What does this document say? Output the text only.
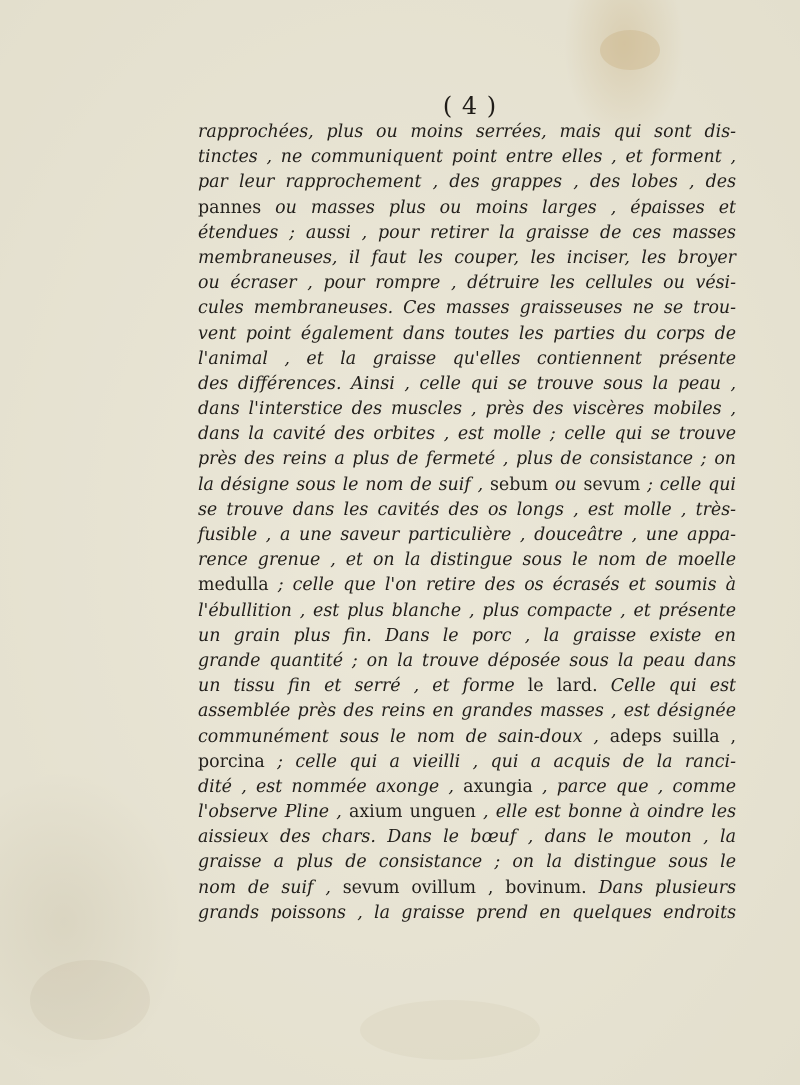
( 4 )
rapprochées, plus ou moins serrées, mais qui sont dis-
tinctes , ne communiquent point entre elles , et forment ,
par leur rapprochement , des grappes , des lobes , des
pannes ou masses plus ou moins larges , épaisses et
étendues ; aussi , pour retirer la graisse de ces masses
membraneuses, il faut les couper, les inciser, les broyer
ou écraser , pour rompre , détruire les cellules ou vési-
cules membraneuses. Ces masses graisseuses ne se trou-
vent point également dans toutes les parties du corps de
l'animal , et la graisse qu'elles contiennent présente
des différences. Ainsi , celle qui se trouve sous la peau ,
dans l'interstice des muscles , près des viscères mobiles ,
dans la cavité des orbites , est molle ; celle qui se trouve
près des reins a plus de fermeté , plus de consistance ; on
la désigne sous le nom de suif , sebum ou sevum ; celle qui
se trouve dans les cavités des os longs , est molle , très-
fusible , a une saveur particulière , douceâtre , une appa-
rence grenue , et on la distingue sous le nom de moelle
medulla ; celle que l'on retire des os écrasés et soumis à
l'ébullition , est plus blanche , plus compacte , et présente
un grain plus fin. Dans le porc , la graisse existe en
grande quantité ; on la trouve déposée sous la peau dans
un tissu fin et serré , et forme le lard. Celle qui est
assemblée près des reins en grandes masses , est désignée
communément sous le nom de sain-doux , adeps suilla ,
porcina ; celle qui a vieilli , qui a acquis de la ranci-
dité , est nommée axonge , axungia , parce que , comme
l'observe Pline , axium unguen , elle est bonne à oindre les
aissieux des chars. Dans le bœuf , dans le mouton , la
graisse a plus de consistance ; on la distingue sous le
nom de suif , sevum ovillum , bovinum. Dans plusieurs
grands poissons , la graisse prend en quelques endroits
